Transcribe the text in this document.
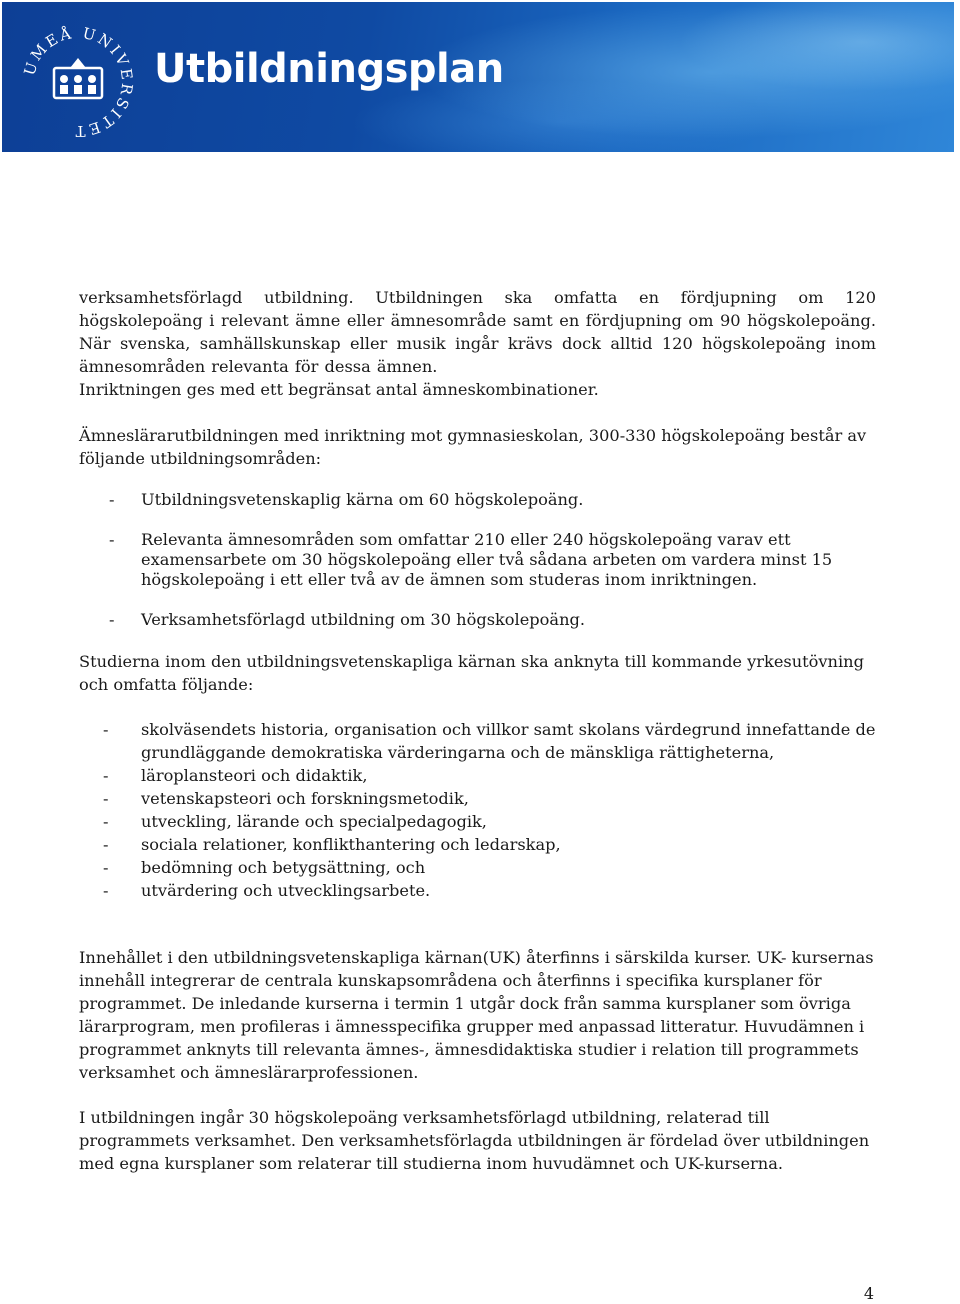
UMEÅ UNIVERSITET
Utbildningsplan

verksamhetsförlagd utbildning. Utbildningen ska omfatta en fördjupning om 120 högskolepoäng i relevant ämne eller ämnesområde samt en fördjupning om 90 högskolepoäng. När svenska, samhällskunskap eller musik ingår krävs dock alltid 120 högskolepoäng inom ämnesområden relevanta för dessa ämnen.

Inriktningen ges med ett begränsat antal ämneskombinationer.

Ämneslärarutbildningen med inriktning mot gymnasieskolan, 300-330 högskolepoäng består av följande utbildningsområden:

- Utbildningsvetenskaplig kärna om 60 högskolepoäng.
- Relevanta ämnesområden som omfattar 210 eller 240 högskolepoäng varav ett examensarbete om 30 högskolepoäng eller två sådana arbeten om vardera minst 15 högskolepoäng i ett eller två av de ämnen som studeras inom inriktningen.
- Verksamhetsförlagd utbildning om 30 högskolepoäng.

Studierna inom den utbildningsvetenskapliga kärnan ska anknyta till kommande yrkesutövning och omfatta följande:

- skolväsendets historia, organisation och villkor samt skolans värdegrund innefattande de grundläggande demokratiska värderingarna och de mänskliga rättigheterna,
- läroplansteori och didaktik,
- vetenskapsteori och forskningsmetodik,
- utveckling, lärande och specialpedagogik,
- sociala relationer, konflikthantering och ledarskap,
- bedömning och betygsättning, och
- utvärdering och utvecklingsarbete.

Innehållet i den utbildningsvetenskapliga kärnan(UK) återfinns i särskilda kurser. UK- kursernas innehåll integrerar de centrala kunskapsområdena och återfinns i specifika kursplaner för programmet. De inledande kurserna i termin 1 utgår dock från samma kursplaner som övriga lärarprogram, men profileras i ämnesspecifika grupper med anpassad litteratur. Huvudämnen i programmet anknyts till relevanta ämnes-, ämnesdidaktiska studier i relation till programmets verksamhet och ämneslärarprofessionen.

I utbildningen ingår 30 högskolepoäng verksamhetsförlagd utbildning, relaterad till programmets verksamhet. Den verksamhetsförlagda utbildningen är fördelad över utbildningen med egna kursplaner som relaterar till studierna inom huvudämnet och UK-kurserna.

4
